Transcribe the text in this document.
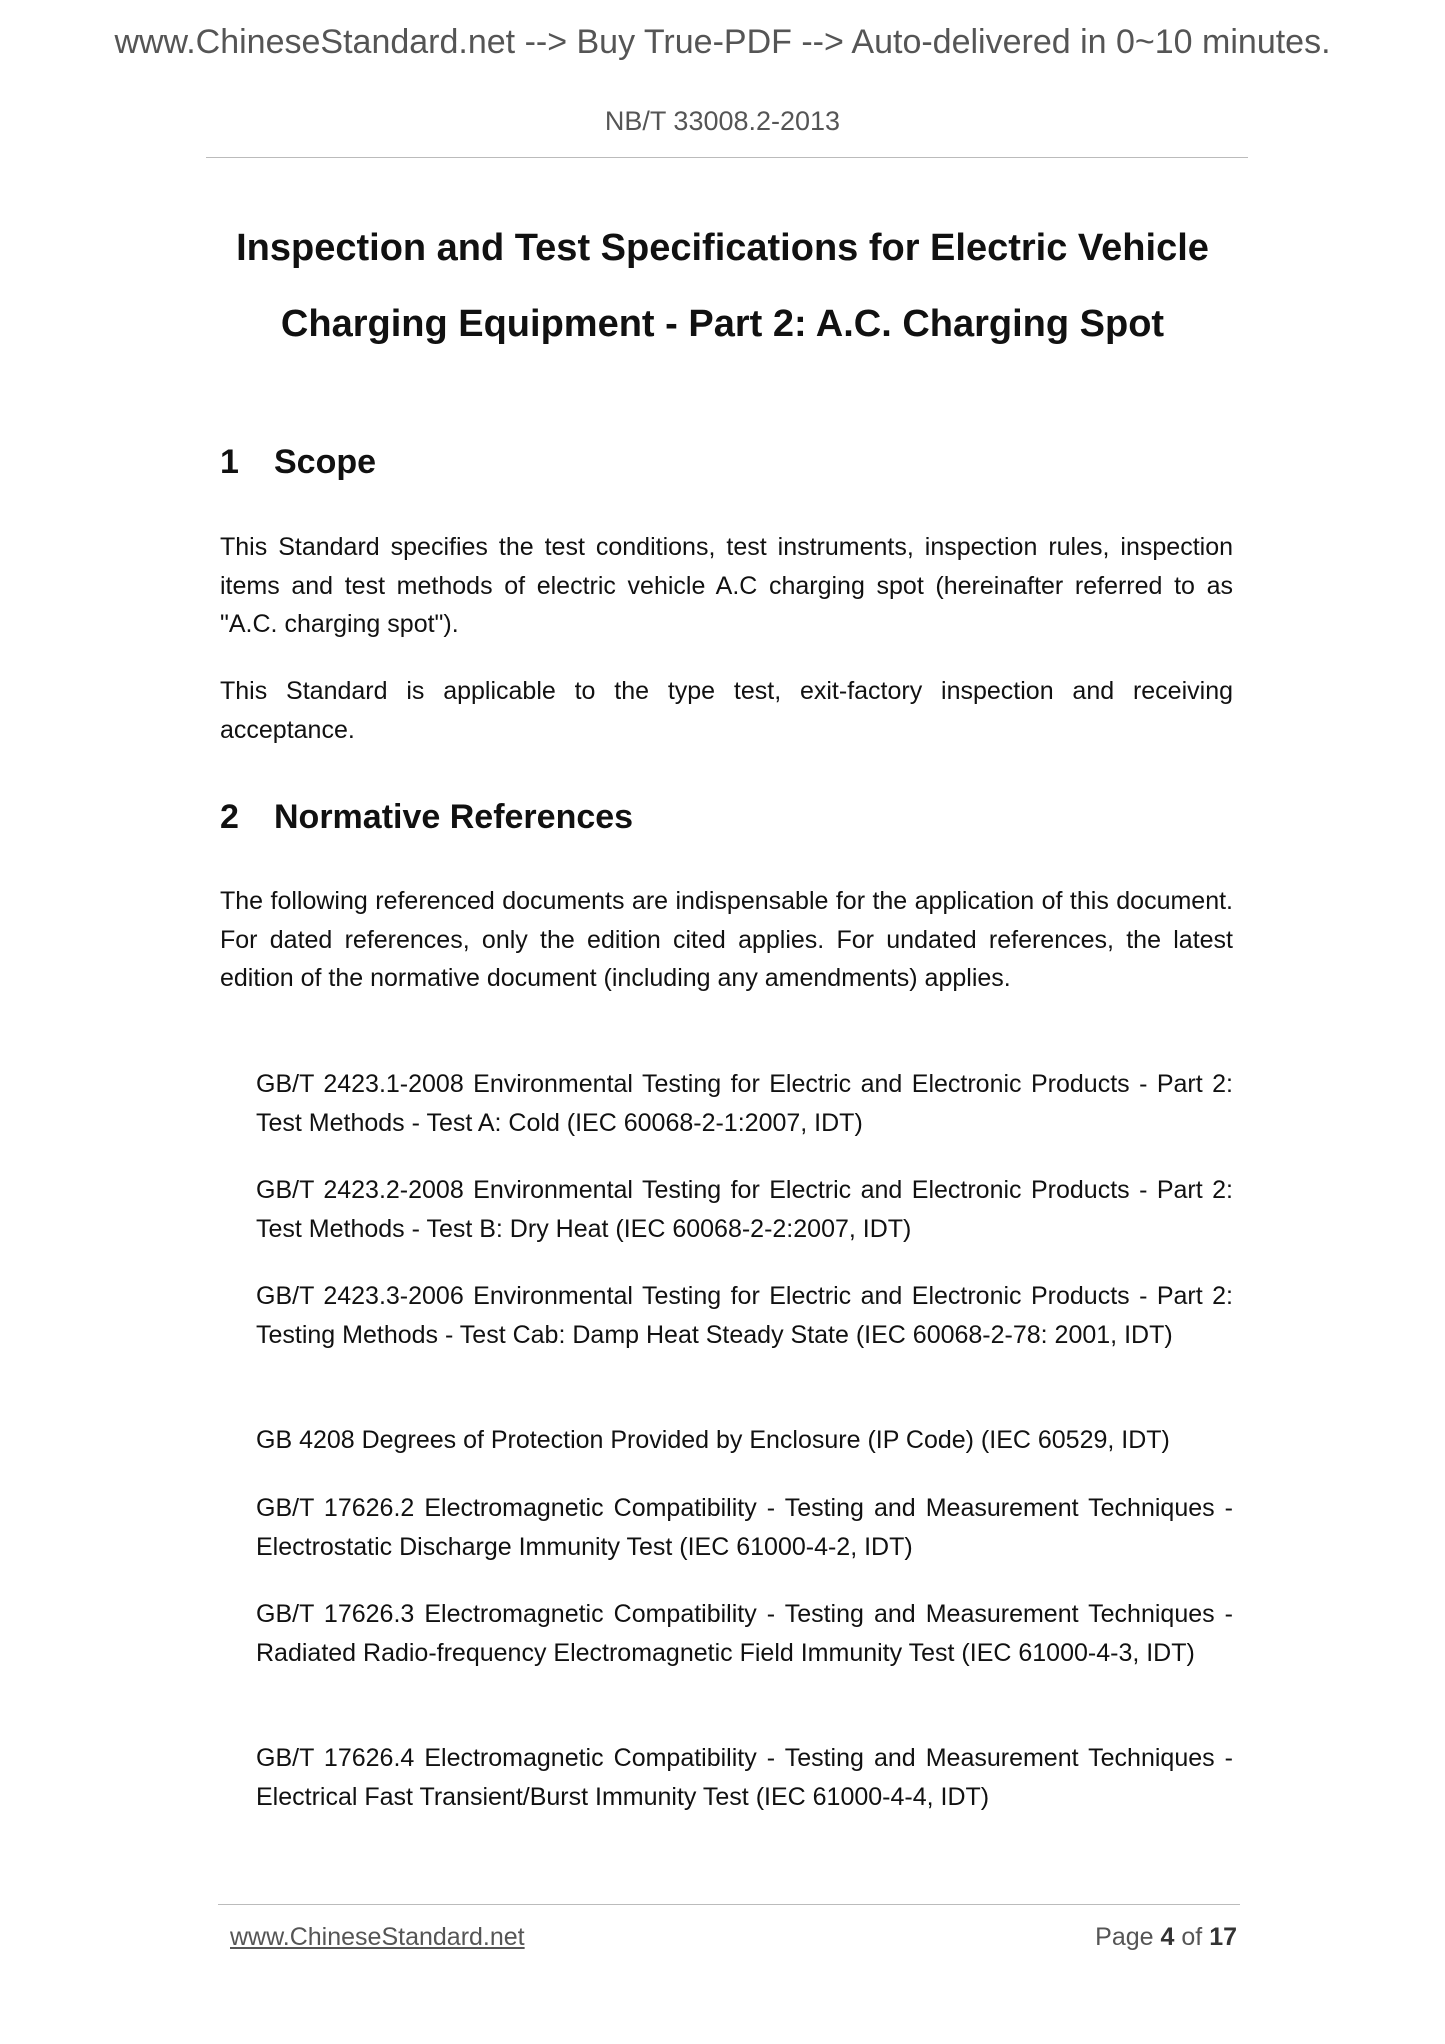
www.ChineseStandard.net --> Buy True-PDF --> Auto-delivered in 0~10 minutes.
NB/T 33008.2-2013
Inspection and Test Specifications for Electric Vehicle
Charging Equipment - Part 2: A.C. Charging Spot
1 Scope
This Standard specifies the test conditions, test instruments, inspection rules, inspection items and test methods of electric vehicle A.C charging spot (hereinafter referred to as "A.C. charging spot").
This Standard is applicable to the type test, exit-factory inspection and receiving acceptance.
2 Normative References
The following referenced documents are indispensable for the application of this document. For dated references, only the edition cited applies. For undated references, the latest edition of the normative document (including any amendments) applies.
GB/T 2423.1-2008 Environmental Testing for Electric and Electronic Products - Part 2: Test Methods - Test A: Cold (IEC 60068-2-1:2007, IDT)
GB/T 2423.2-2008 Environmental Testing for Electric and Electronic Products - Part 2: Test Methods - Test B: Dry Heat (IEC 60068-2-2:2007, IDT)
GB/T 2423.3-2006 Environmental Testing for Electric and Electronic Products - Part 2: Testing Methods - Test Cab: Damp Heat Steady State (IEC 60068-2-78: 2001, IDT)
GB 4208 Degrees of Protection Provided by Enclosure (IP Code) (IEC 60529, IDT)
GB/T 17626.2 Electromagnetic Compatibility - Testing and Measurement Techniques - Electrostatic Discharge Immunity Test (IEC 61000-4-2, IDT)
GB/T 17626.3 Electromagnetic Compatibility - Testing and Measurement Techniques - Radiated Radio-frequency Electromagnetic Field Immunity Test (IEC 61000-4-3, IDT)
GB/T 17626.4 Electromagnetic Compatibility - Testing and Measurement Techniques - Electrical Fast Transient/Burst Immunity Test (IEC 61000-4-4, IDT)
www.ChineseStandard.net	Page 4 of 17
